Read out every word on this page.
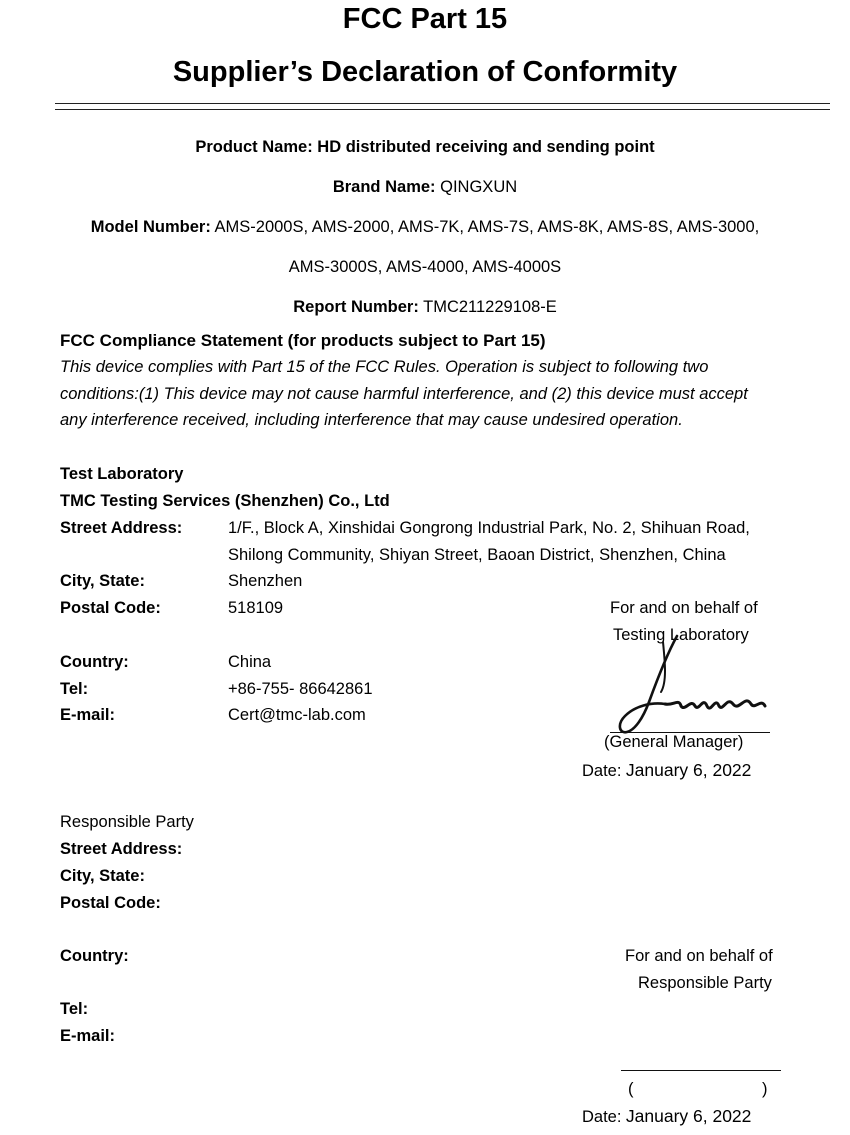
FCC Part 15
Supplier’s Declaration of Conformity
Product Name: HD distributed receiving and sending point
Brand Name: QINGXUN
Model Number: AMS-2000S, AMS-2000, AMS-7K, AMS-7S, AMS-8K, AMS-8S, AMS-3000,
AMS-3000S, AMS-4000, AMS-4000S
Report Number: TMC211229108-E
FCC Compliance Statement (for products subject to Part 15)
This device complies with Part 15 of the FCC Rules. Operation is subject to following two
conditions:(1) This device may not cause harmful interference, and (2) this device must accept
any interference received, including interference that may cause undesired operation.
Test Laboratory
TMC Testing Services (Shenzhen) Co., Ltd
Street Address:	1/F., Block A, Xinshidai Gongrong Industrial Park, No. 2, Shihuan Road,
Shilong Community, Shiyan Street, Baoan District, Shenzhen, China
City, State:	Shenzhen
Postal Code:	518109
Country:	China
Tel:	+86-755- 86642861
E-mail:	Cert@tmc-lab.com
For and on behalf of
Testing Laboratory
(General Manager)
Date: January 6, 2022
Responsible Party
Street Address:
City, State:
Postal Code:
Country:
Tel:
E-mail:
For and on behalf of
Responsible Party
(	)
Date: January 6, 2022
